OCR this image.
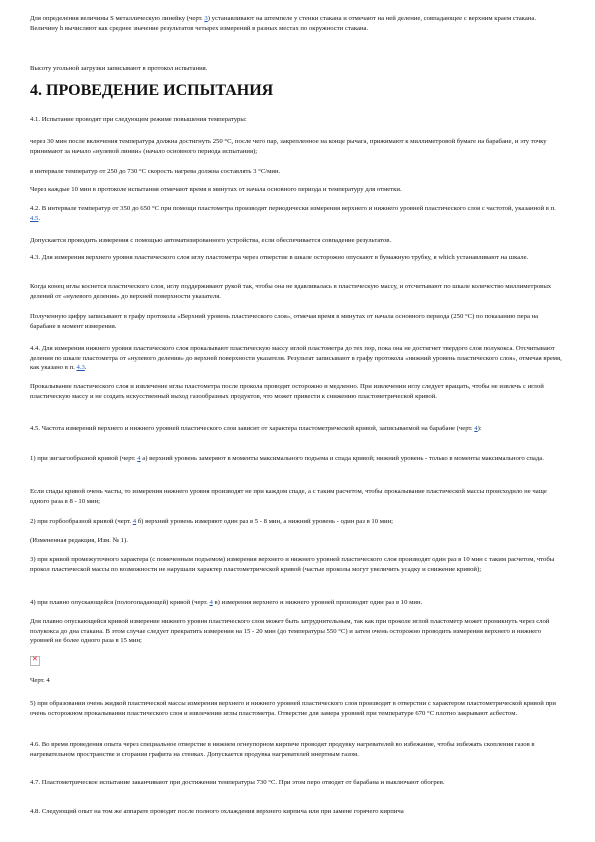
Для определения величины S металлическую линейку (черт. 3) устанавливают на штемпеле у стенки стакана и отмечают на ней деление, совпадающее с верхним краем стакана. Величину h вычисляют как среднее значение результатов четырех измерений в разных местах по окружности стакана.

Высоту угольной загрузки записывают в протокол испытания.

4. ПРОВЕДЕНИЕ ИСПЫТАНИЯ

4.1. Испытание проводят при следующем режиме повышения температуры:

через 30 мин после включения температура должна достигнуть 250 °С, после чего пар, закрепленное на конце рычага, прижимают к миллиметровой бумаге на барабане, и эту точку принимают за начало «нулевой линии» (начало основного периода испытания);

в интервале температур от 250 до 730 °С скорость нагрева должна составлять 3 °С/мин.

Через каждые 10 мин в протоколе испытания отмечают время в минутах от начала основного периода и температуру для отметки.

4.2. В интервале температур от 350 до 650 °С при помощи пластометра производят периодически измерения верхнего и нижнего уровней пластического слоя с частотой, указанной в п. 4.5.

Допускается проводить измерения с помощью автоматизированного устройства, если обеспечивается совпадение результатов.

4.3. Для измерения верхнего уровня пластического слоя иглу пластометра через отверстие в шкале осторожно опускают в бумажную трубку, в which устанавливают на шкале.

Когда конец иглы коснется пластического слоя, иглу поддерживают рукой так, чтобы она не вдавливалась в пластическую массу, и отсчитывают по шкале количество миллиметровых делений от «нулевого деления» до верхней поверхности указателя.

Полученную цифру записывают в графу протокола «Верхний уровень пластического слоя», отмечая время в минутах от начала основного периода (250 °С) по показанию пера на барабане в момент измерения.

4.4. Для измерения нижнего уровня пластического слоя прокалывают пластическую массу иглой пластометра до тех пор, пока она не достигнет твердого слоя полукокса. Отсчитывают деления по шкале пластометра от «нулевого деления» до верхней поверхности указателя. Результат записывают в графу протокола «нижний уровень пластического слоя», отмечая время, как указано в п. 4.3.

Прокалывание пластического слоя и извлечение иглы пластометра после прокола проводят осторожно и медленно. При извлечении иглу следует вращать, чтобы не извлечь с иглой пластическую массу и не создать искусственный выход газообразных продуктов, что может привести к снижению пластометрической кривой.

4.5. Частота измерений верхнего и нижнего уровней пластического слоя зависит от характера пластометрической кривой, записываемой на барабане (черт. 4):

1) при зигзагообразной кривой (черт. 4 а) верхний уровень замеряют в моменты максимального подъема и спада кривой; нижний уровень - только в моменты максимального спада.

Если спады кривой очень часты, то измерения нижнего уровня производят не при каждом спаде, а с таким расчетом, чтобы прокалывание пластической массы происходило не чаще одного раза в 8 - 10 мин;

2) при горбообразной кривой (черт. 4 б) верхний уровень измеряют один раз в 5 - 8 мин, а нижний уровень - один раз в 10 мин;

(Измененная редакция, Изм. № 1).

3) при кривой промежуточного характера (с помеченным подъемом) измерения верхнего и нижнего уровней пластического слоя производят один раз в 10 мин с таким расчетом, чтобы прокол пластической массы по возможности не нарушали характер пластометрической кривой (частые проколы могут увеличить усадку и снижение кривой);

4) при плавно опускающейся (пологопадающей) кривой (черт. 4 в) измерения верхнего и нижнего уровней производят один раз в 10 мин.

Для плавно опускающейся кривой измерение нижнего уровня пластического слоя может быть затруднительным, так как при проколе иглой пластометр может проникнуть через слой полукокса до дна стакана. В этом случае следует прекратить измерения на 15 - 20 мин (до температуры 550 °С) и затем очень осторожно проводить измерения верхнего и нижнего уровней не более одного раза в 15 мин;

✕

Черт. 4

5) при образовании очень жидкой пластической массы измерения верхнего и нижнего уровней пластического слоя производят в отверстии с характером пластометрической кривой при очень осторожном прокалывании пластического слоя и извлечении иглы пластометра. Отверстие для замера уровней при температуре 670 °С плотно закрывают асбестом.

4.6. Во время проведения опыта через специальное отверстие в нижнем огнеупорном кирпиче проводят продувку нагревателей во избежание, чтобы избежать скопления газов в нагревательном пространстве и сгорания графита на стенках. Допускается продувка нагревателей инертным газом.

4.7. Пластометрическое испытание заканчивают при достижении температуры 730 °С. При этом перо отводят от барабана и выключают обогрев.

4.8. Следующий опыт на том же аппарате проводят после полного охлаждения верхнего кирпича или при замене горячего кирпича
